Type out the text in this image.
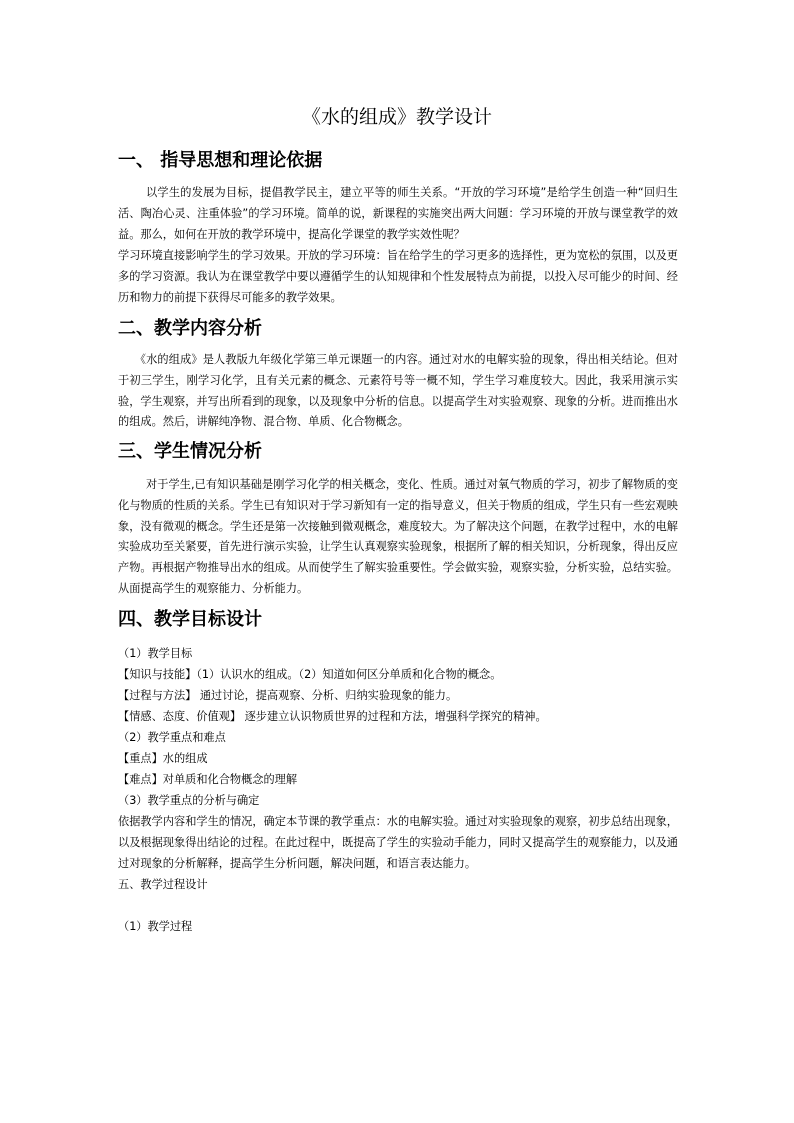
《水的组成》教学设计
一、 指导思想和理论依据
以学生的发展为目标，提倡教学民主，建立平等的师生关系。“开放的学习环境”是给学生创造一种“回归生活、陶冶心灵、注重体验”的学习环境。简单的说，新课程的实施突出两大问题：学习环境的开放与课堂教学的效益。那么，如何在开放的教学环境中，提高化学课堂的教学实效性呢？
学习环境直接影响学生的学习效果。开放的学习环境：旨在给学生的学习更多的选择性，更为宽松的氛围，以及更多的学习资源。我认为在课堂教学中要以遵循学生的认知规律和个性发展特点为前提，以投入尽可能少的时间、经历和物力的前提下获得尽可能多的教学效果。
二、教学内容分析
《水的组成》是人教版九年级化学第三单元课题一的内容。通过对水的电解实验的现象，得出相关结论。但对于初三学生，刚学习化学，且有关元素的概念、元素符号等一概不知，学生学习难度较大。因此，我采用演示实验，学生观察，并写出所看到的现象，以及现象中分析的信息。以提高学生对实验观察、现象的分析。进而推出水的组成。然后，讲解纯净物、混合物、单质、化合物概念。
三、学生情况分析
对于学生,已有知识基础是刚学习化学的相关概念，变化、性质。通过对氧气物质的学习，初步了解物质的变化与物质的性质的关系。学生已有知识对于学习新知有一定的指导意义，但关于物质的组成，学生只有一些宏观映象，没有微观的概念。学生还是第一次接触到微观概念，难度较大。为了解决这个问题，在教学过程中，水的电解实验成功至关紧要，首先进行演示实验，让学生认真观察实验现象，根据所了解的相关知识，分析现象，得出反应产物。再根据产物推导出水的组成。从而使学生了解实验重要性。学会做实验，观察实验，分析实验，总结实验。从面提高学生的观察能力、分析能力。
四、教学目标设计
（1）教学目标
【知识与技能】（1）认识水的组成。（2）知道如何区分单质和化合物的概念。
【过程与方法】 通过讨论，提高观察、分析、归纳实验现象的能力。
【情感、态度、价值观】 逐步建立认识物质世界的过程和方法，增强科学探究的精神。
（2）教学重点和难点
【重点】水的组成
【难点】对单质和化合物概念的理解
（3）教学重点的分析与确定
依据教学内容和学生的情况，确定本节课的教学重点：水的电解实验。通过对实验现象的观察，初步总结出现象，以及根据现象得出结论的过程。在此过程中，既提高了学生的实验动手能力，同时又提高学生的观察能力，以及通过对现象的分析解释，提高学生分析问题，解决问题，和语言表达能力。
五、教学过程设计
（1）教学过程
